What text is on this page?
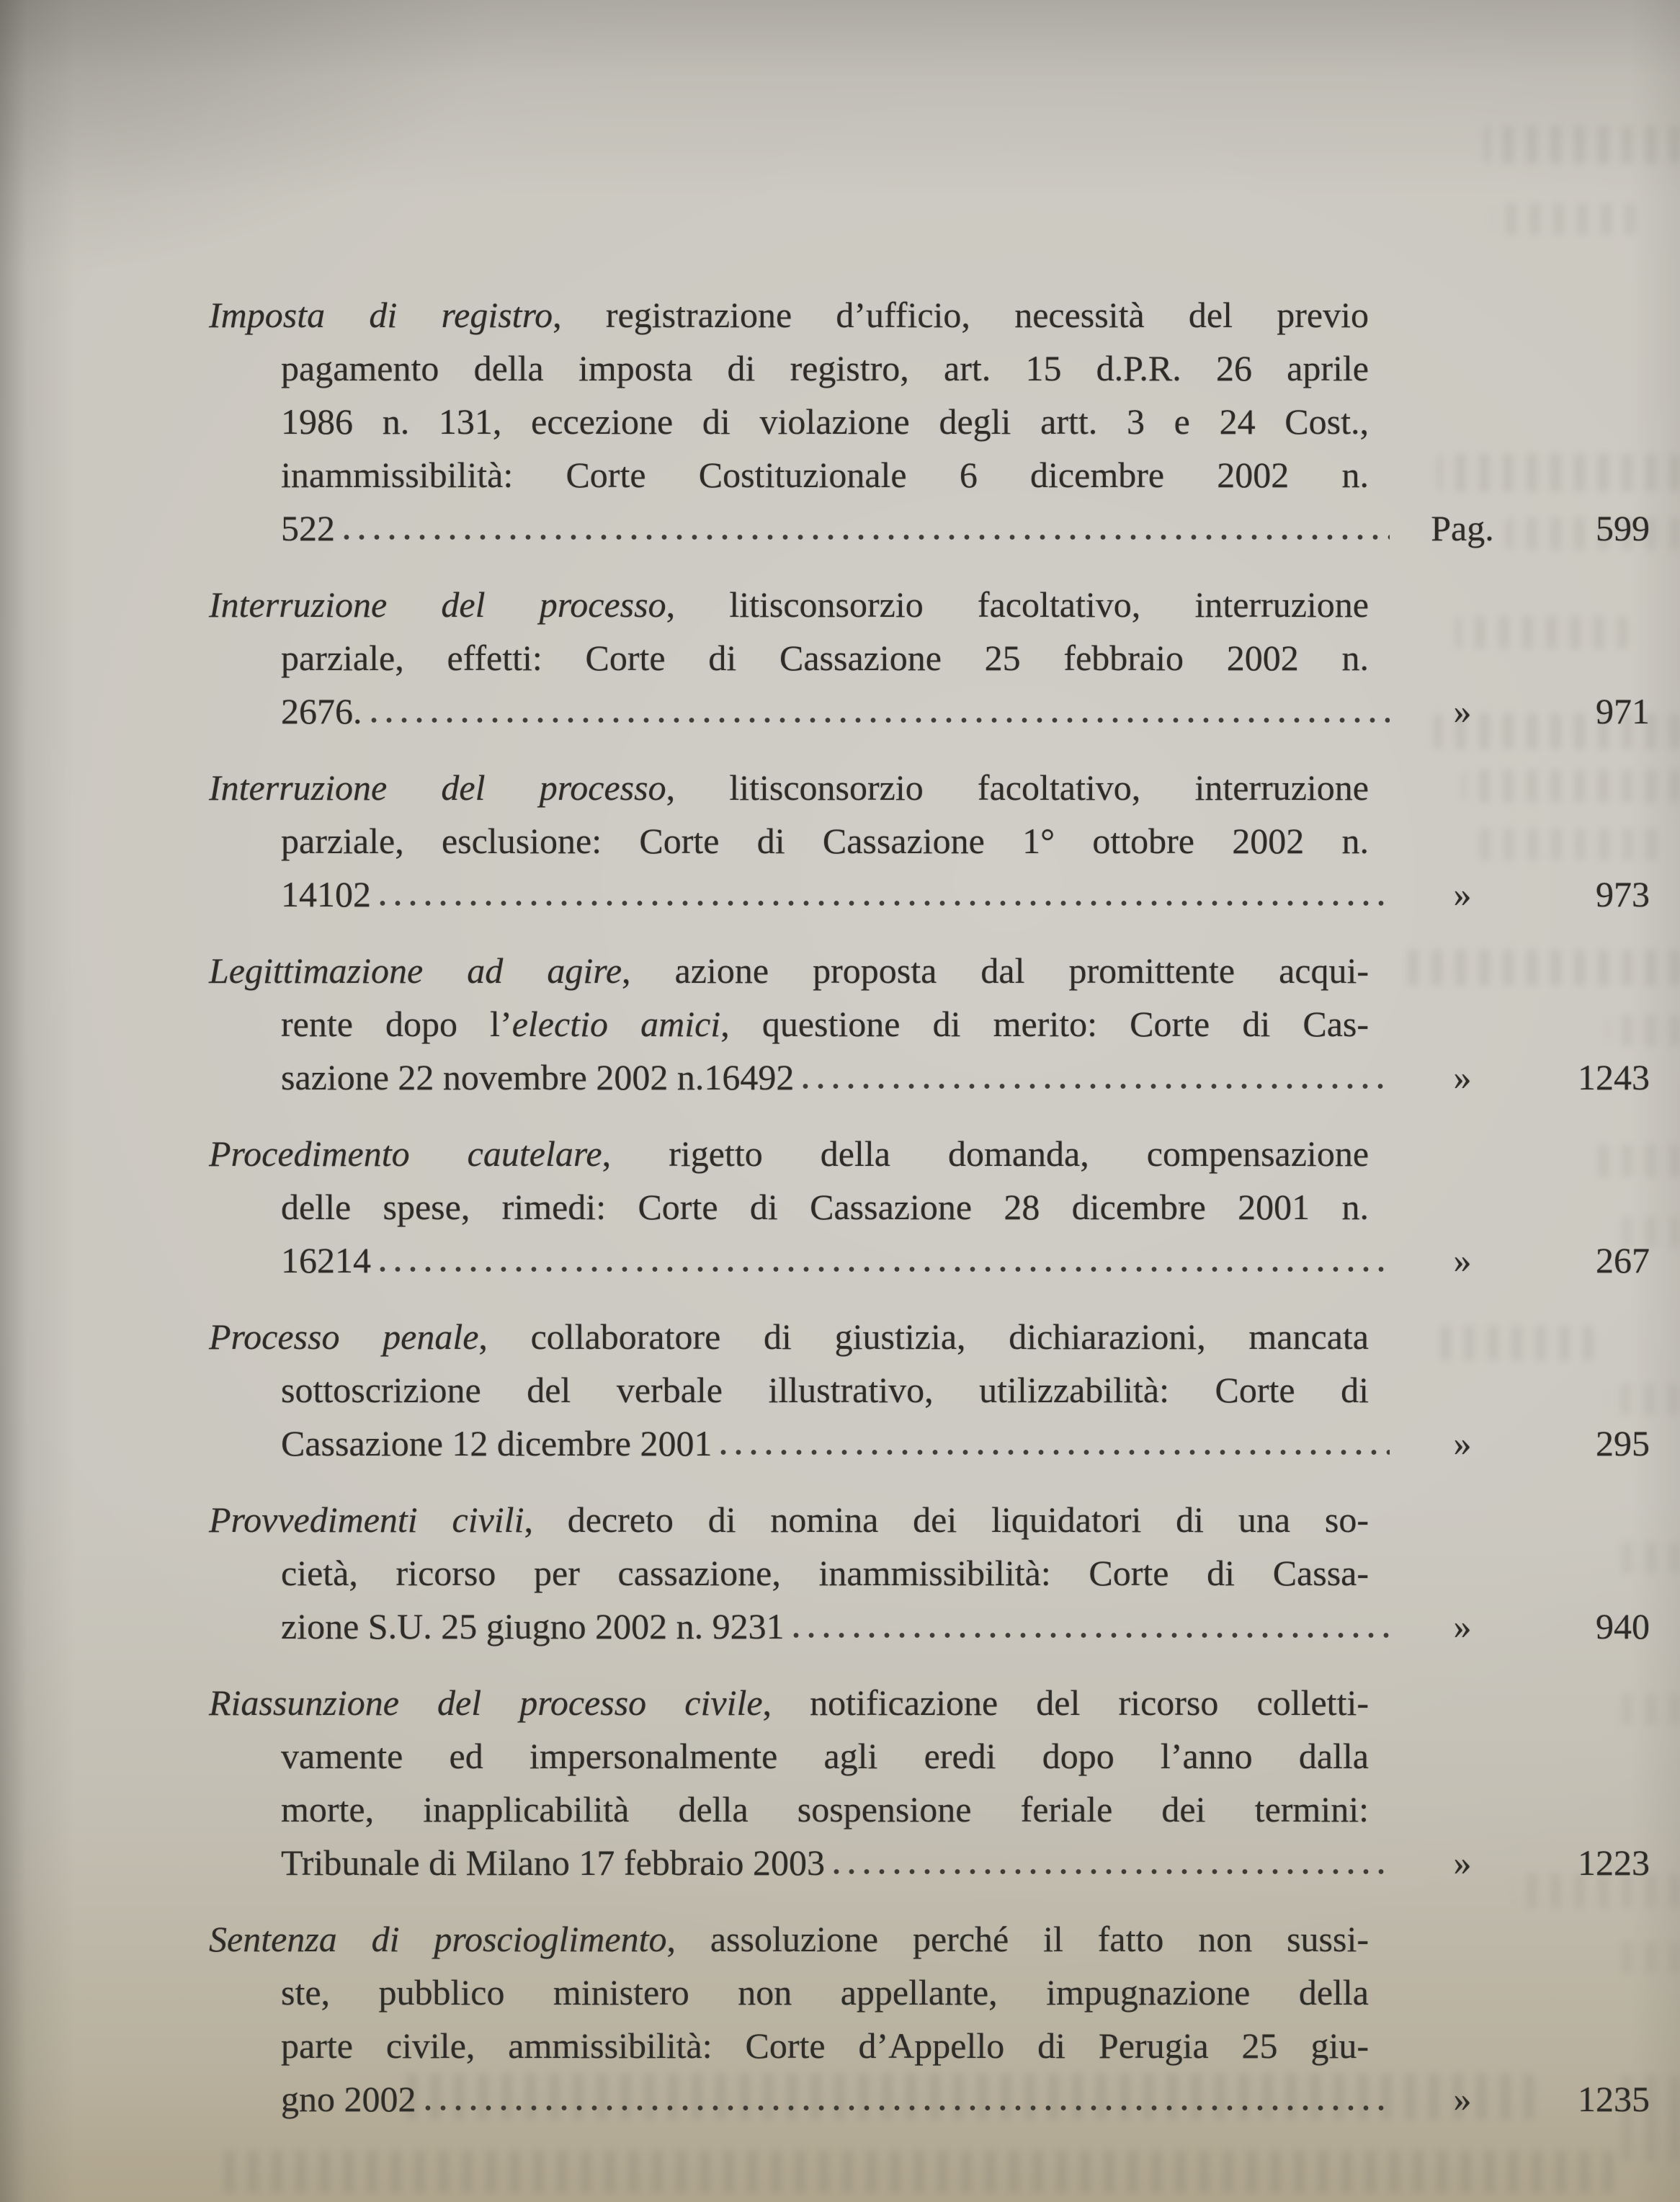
Imposta di registro, registrazione d’ufficio, necessità del previo
pagamento della imposta di registro, art. 15 d.P.R. 26 aprile
1986 n. 131, eccezione di violazione degli artt. 3 e 24 Cost.,
inammissibilità: Corte Costituzionale 6 dicembre 2002 n.
522	Pag.	599
Interruzione del processo, litisconsorzio facoltativo, interruzione
parziale, effetti: Corte di Cassazione 25 febbraio 2002 n.
2676.	»	971
Interruzione del processo, litisconsorzio facoltativo, interruzione
parziale, esclusione: Corte di Cassazione 1° ottobre 2002 n.
14102	»	973
Legittimazione ad agire, azione proposta dal promittente acqui-
rente dopo l’electio amici, questione di merito: Corte di Cas-
sazione 22 novembre 2002 n.16492	»	1243
Procedimento cautelare, rigetto della domanda, compensazione
delle spese, rimedi: Corte di Cassazione 28 dicembre 2001 n.
16214	»	267
Processo penale, collaboratore di giustizia, dichiarazioni, mancata
sottoscrizione del verbale illustrativo, utilizzabilità: Corte di
Cassazione 12 dicembre 2001	»	295
Provvedimenti civili, decreto di nomina dei liquidatori di una so-
cietà, ricorso per cassazione, inammissibilità: Corte di Cassa-
zione S.U. 25 giugno 2002 n. 9231	»	940
Riassunzione del processo civile, notificazione del ricorso colletti-
vamente ed impersonalmente agli eredi dopo l’anno dalla
morte, inapplicabilità della sospensione feriale dei termini:
Tribunale di Milano 17 febbraio 2003	»	1223
Sentenza di proscioglimento, assoluzione perché il fatto non sussi-
ste, pubblico ministero non appellante, impugnazione della
parte civile, ammissibilità: Corte d’Appello di Perugia 25 giu-
gno 2002	»	1235
